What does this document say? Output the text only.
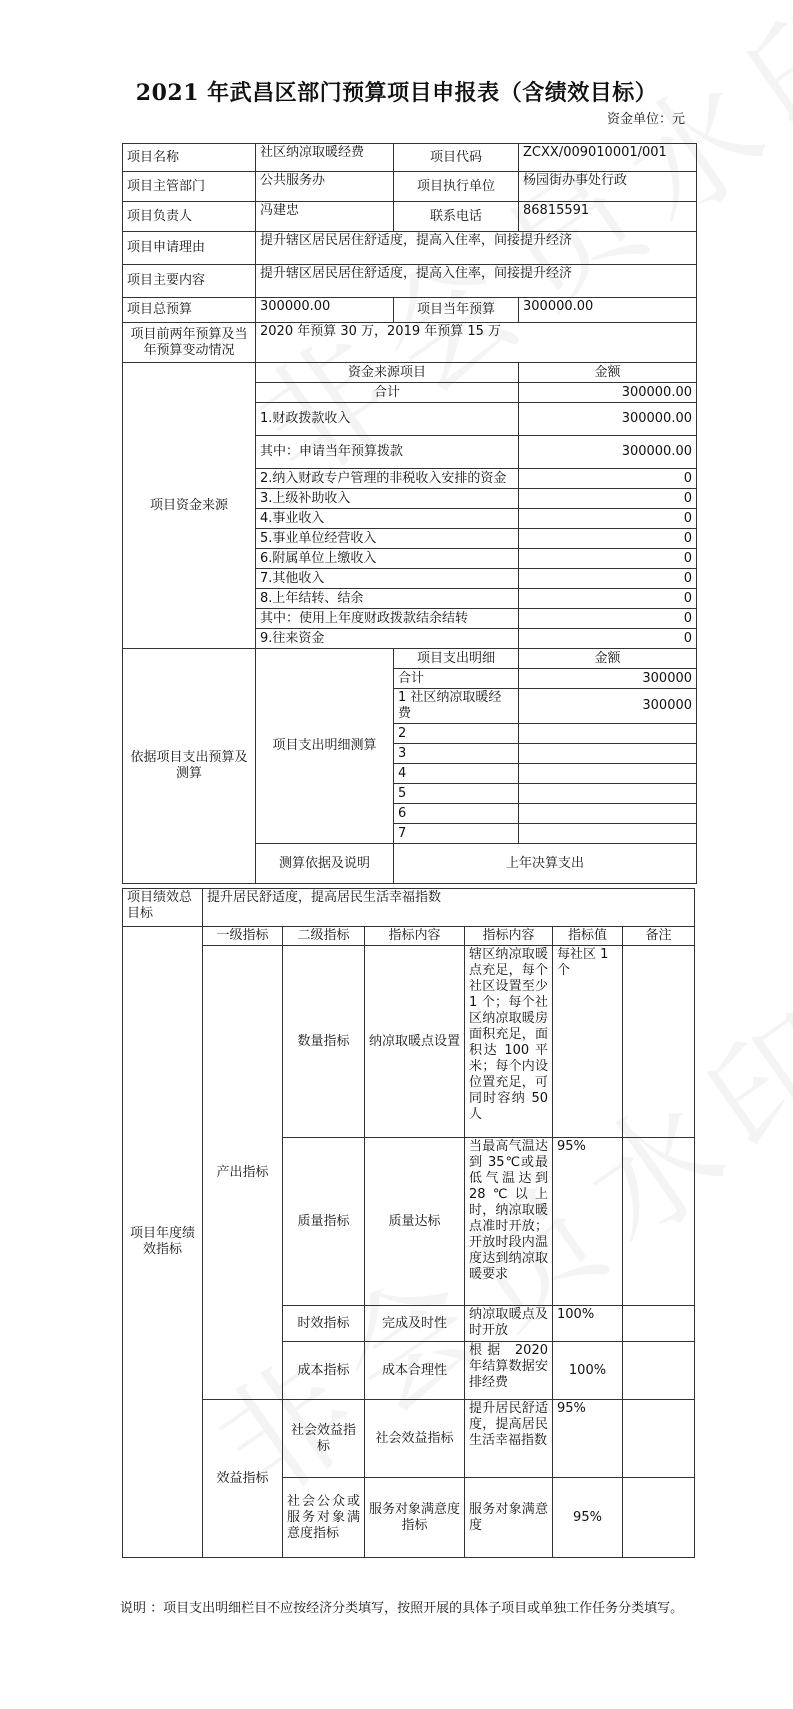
2021 年武昌区部门预算项目申报表（含绩效目标）
资金单位：元
项目名称	社区纳凉取暖经费	项目代码	ZCXX/009010001/001
项目主管部门	公共服务办	项目执行单位	杨园街办事处行政
项目负责人	冯建忠	联系电话	86815591
项目申请理由	提升辖区居民居住舒适度，提高入住率，间接提升经济		
项目主要内容	提升辖区居民居住舒适度，提高入住率，间接提升经济		
项目总预算	300000.00	项目当年预算	300000.00
项目前两年预算及当年预算变动情况	2020 年预算 30 万，2019 年预算 15 万		
项目资金来源	资金来源项目		金额
	合计		300000.00
	1.财政拨款收入		300000.00
	其中：申请当年预算拨款		300000.00
	2.纳入财政专户管理的非税收入安排的资金		0
	3.上级补助收入		0
	4.事业收入		0
	5.事业单位经营收入		0
	6.附属单位上缴收入		0
	7.其他收入		0
	8.上年结转、结余		0
	其中：使用上年度财政拨款结余结转		0
	9.往来资金		0
依据项目支出预算及测算	项目支出明细测算	项目支出明细	金额
		合计	300000
		1 社区纳凉取暖经费	300000
		2	
		3	
		4	
		5	
		6	
		7	
	测算依据及说明	上年决算支出	
项目绩效总目标	提升居民舒适度，提高居民生活幸福指数					
项目年度绩效指标	一级指标	二级指标	指标内容	指标内容	指标值	备注
	产出指标	数量指标	纳凉取暖点设置	辖区纳凉取暖点充足，每个社区设置至少 1 个；每个社区纳凉取暖房面积充足，面积达 100 平米；每个内设位置充足，可同时容纳 50 人	每社区 1 个	
		质量指标	质量达标	当最高气温达到 35℃或最低气温达到 28℃以上时，纳凉取暖点准时开放；开放时段内温度达到纳凉取暖要求	95%	
		时效指标	完成及时性	纳凉取暖点及时开放	100%	
		成本指标	成本合理性	根据 2020 年结算数据安排经费	100%	
	效益指标	社会效益指标	社会效益指标	提升居民舒适度，提高居民生活幸福指数	95%	
		社会公众或服务对象满意度指标	服务对象满意度指标	服务对象满意度	95%	
说明 ：项目支出明细栏目不应按经济分类填写，按照开展的具体子项目或单独工作任务分类填写。
